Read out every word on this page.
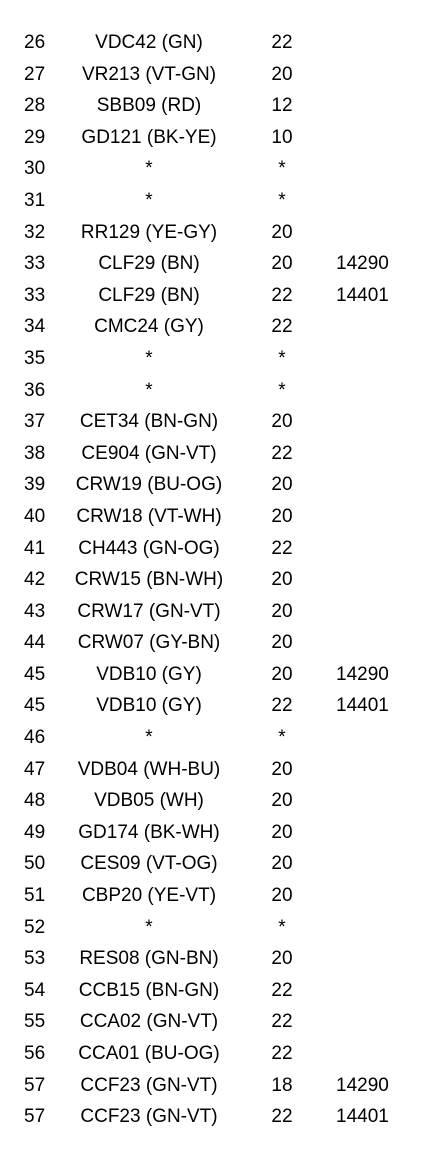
26	VDC42 (GN)	22
27	VR213 (VT-GN)	20
28	SBB09 (RD)	12
29	GD121 (BK-YE)	10
30	*	*
31	*	*
32	RR129 (YE-GY)	20
33	CLF29 (BN)	20	14290
33	CLF29 (BN)	22	14401
34	CMC24 (GY)	22
35	*	*
36	*	*
37	CET34 (BN-GN)	20
38	CE904 (GN-VT)	22
39	CRW19 (BU-OG)	20
40	CRW18 (VT-WH)	20
41	CH443 (GN-OG)	22
42	CRW15 (BN-WH)	20
43	CRW17 (GN-VT)	20
44	CRW07 (GY-BN)	20
45	VDB10 (GY)	20	14290
45	VDB10 (GY)	22	14401
46	*	*
47	VDB04 (WH-BU)	20
48	VDB05 (WH)	20
49	GD174 (BK-WH)	20
50	CES09 (VT-OG)	20
51	CBP20 (YE-VT)	20
52	*	*
53	RES08 (GN-BN)	20
54	CCB15 (BN-GN)	22
55	CCA02 (GN-VT)	22
56	CCA01 (BU-OG)	22
57	CCF23 (GN-VT)	18	14290
57	CCF23 (GN-VT)	22	14401
